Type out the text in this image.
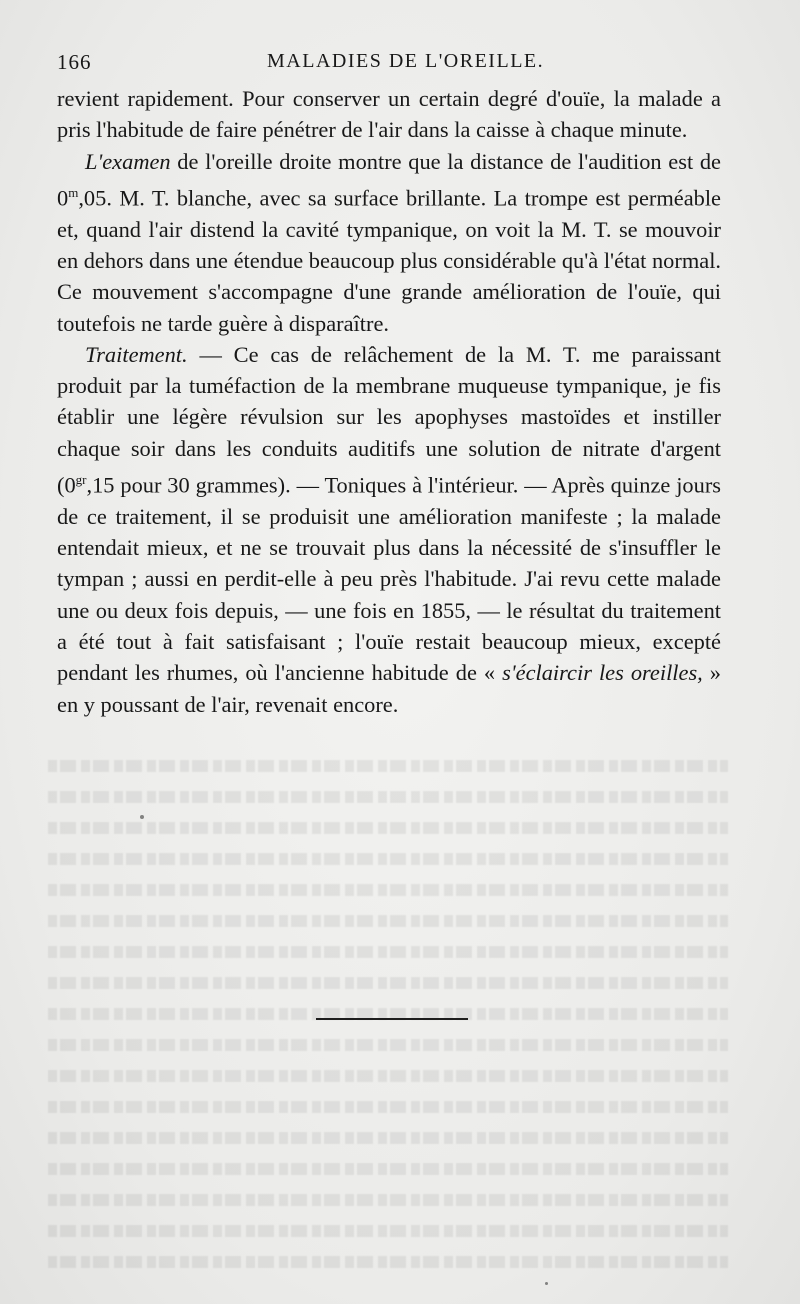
166	MALADIES DE L'OREILLE.

revient rapidement. Pour conserver un certain degré d'ouïe, la malade a pris l'habitude de faire pénétrer de l'air dans la caisse à chaque minute.

L'examen de l'oreille droite montre que la distance de l'audition est de 0$^m$,05. M. T. blanche, avec sa surface brillante. La trompe est perméable et, quand l'air distend la cavité tympanique, on voit la M. T. se mouvoir en dehors dans une étendue beaucoup plus considérable qu'à l'état normal. Ce mouvement s'accompagne d'une grande amélioration de l'ouïe, qui toutefois ne tarde guère à disparaître.

Traitement. — Ce cas de relâchement de la M. T. me paraissant produit par la tuméfaction de la membrane muqueuse tympanique, je fis établir une légère révulsion sur les apophyses mastoïdes et instiller chaque soir dans les conduits auditifs une solution de nitrate d'argent ($0^{gr},15$ pour 30 grammes). — Toniques à l'intérieur. — Après quinze jours de ce traitement, il se produisit une amélioration manifeste ; la malade entendait mieux, et ne se trouvait plus dans la nécessité de s'insuffler le tympan ; aussi en perdit-elle à peu près l'habitude. J'ai revu cette malade une ou deux fois depuis, — une fois en 1855, — le résultat du traitement a été tout à fait satisfaisant ; l'ouïe restait beaucoup mieux, excepté pendant les rhumes, où l'ancienne habitude de « s'éclaircir les oreilles, » en y poussant de l'air, revenait encore.
